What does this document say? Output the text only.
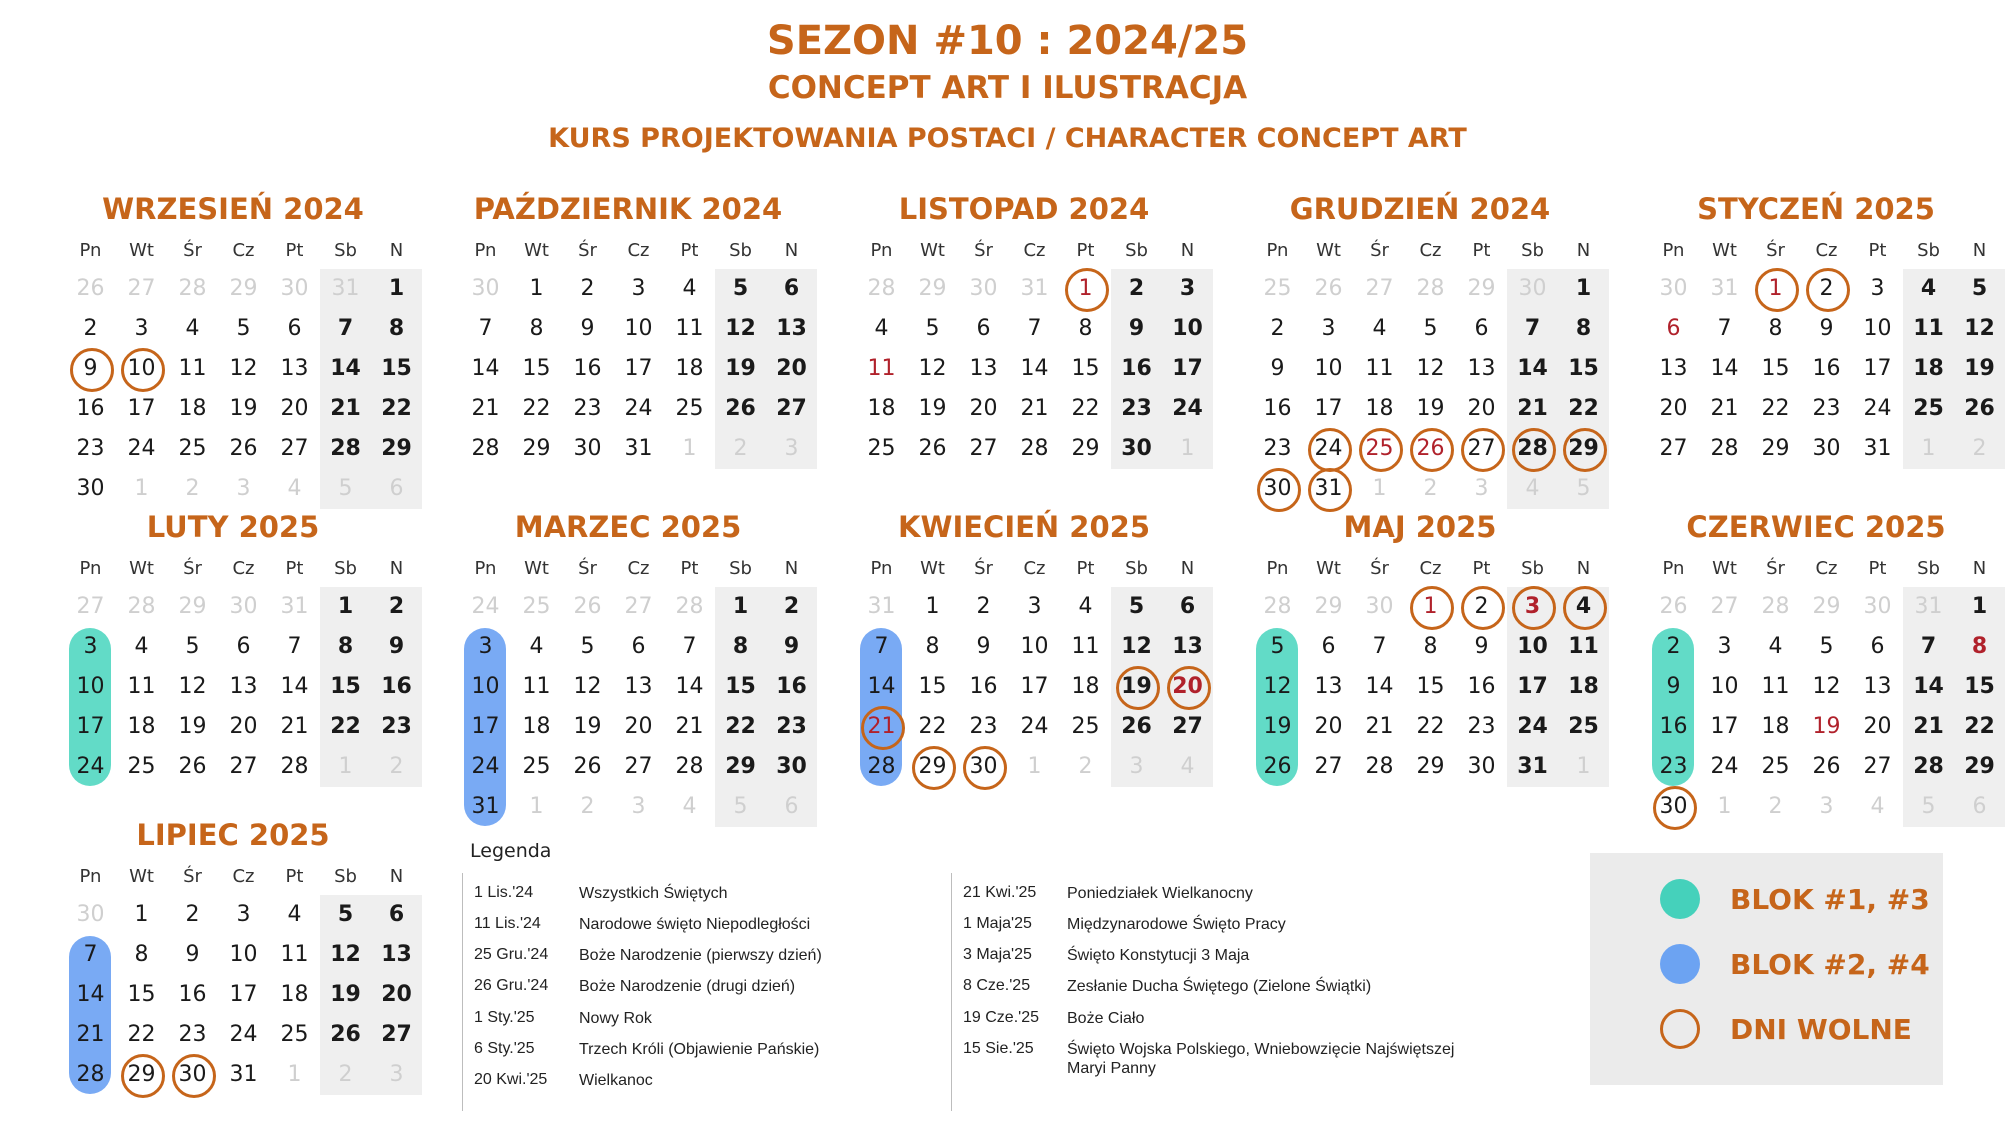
SEZON #10 : 2024/25
CONCEPT ART I ILUSTRACJA
KURS PROJEKTOWANIA POSTACI / CHARACTER CONCEPT ART
WRZESIEŃ 2024
Pn	Wt	Śr	Cz	Pt	Sb	N
26	27	28	29	30	31	1
2	3	4	5	6	7	8
9	10	11	12	13 14 15
16	17	18	19	20 21 22
23	24	25	26	27 28 29
30	1	2	3	4	5	6
PAŹDZIERNIK 2024
Pn	Wt	Śr	Cz	Pt	Sb	N
30	1	2	3	4	5	6
7	8	9	10	11 12 13
14	15	16	17	18 19 20
21	22	23	24	25 26 27
28	29	30	31	1	2	3
LISTOPAD 2024
Pn	Wt	Śr	Cz	Pt	Sb	N
28	29	30	31	1	2	3
4	5	6	7	8	9	10
11	12	13	14	15 16 17
18	19	20	21	22 23 24
25	26	27	28	29 30	1
GRUDZIEŃ 2024
Pn	Wt	Śr	Cz	Pt	Sb	N
25	26	27	28	29	30	1
2	3	4	5	6	7	8
9	10	11	12	13 14 15
16	17	18	19	20 21 22
23	24	25	26	27 28 29
30	31	1	2	3	4	5
STYCZEŃ 2025
Pn	Wt	Śr	Cz	Pt	Sb	N
30	31	1	2	3	4	5
6	7	8	9	10 11 12
13	14	15	16	17 18 19
20	21	22	23	24 25 26
27	28	29	30	31	1	2
LUTY 2025
Pn	Wt	Śr	Cz	Pt	Sb	N
27	28	29	30	31	1	2
3	4	5	6	7	8	9
10	11	12	13	14 15 16
17	18	19	20	21 22 23
24	25	26	27	28	1	2
MARZEC 2025
Pn	Wt	Śr	Cz	Pt	Sb	N
24	25	26	27	28	1	2
3	4	5	6	7	8	9
10	11	12	13	14 15 16
17	18	19	20	21 22 23
24	25	26	27	28 29 30
31	1	2	3	4	5	6
KWIECIEŃ 2025
Pn	Wt	Śr	Cz	Pt	Sb	N
31	1	2	3	4	5	6
7	8	9	10	11 12 13
14	15	16	17	18 19 20
21	22	23	24	25 26 27
28	29	30	1	2	3	4
MAJ 2025
Pn	Wt	Śr	Cz	Pt	Sb	N
28	29	30	1	2	3	4
5	6	7	8	9	10 11
12	13	14	15	16 17 18
19	20	21	22	23 24 25
26	27	28	29	30 31	1
CZERWIEC 2025
Pn	Wt	Śr	Cz	Pt	Sb	N
26	27	28	29	30	31	1
2	3	4	5	6	7	8
9	10	11	12	13 14 15
16	17	18	19	20 21 22
23	24	25	26	27 28 29
30	1	2	3	4	5	6
LIPIEC 2025
Pn	Wt	Śr	Cz	Pt	Sb	N
30	1	2	3	4	5	6
7	8	9	10	11 12 13
14	15	16	17	18 19 20
21	22	23	24	25 26 27
28	29	30	31	1	2	3
Legenda
1 Lis.'24	Wszystkich Świętych
11 Lis.'24 Narodowe święto Niepodległości
25 Gru.'24 Boże Narodzenie (pierwszy dzień)
26 Gru.'24 Boże Narodzenie (drugi dzień)
1 Sty.'25	Nowy Rok
6 Sty.'25	Trzech Króli (Objawienie Pańskie)
20 Kwi.'25 Wielkanoc
21 Kwi.'25 Poniedziałek Wielkanocny
1 Maja'25 Międzynarodowe Święto Pracy
3 Maja'25 Święto Konstytucji 3 Maja
8 Cze.'25 Zesłanie Ducha Świętego (Zielone Świątki)
19 Cze.'25 Boże Ciało
15 Sie.'25 Święto Wojska Polskiego, Wniebowzięcie Najświętszej Maryi Panny
BLOK #1, #3
BLOK #2, #4
DNI WOLNE
